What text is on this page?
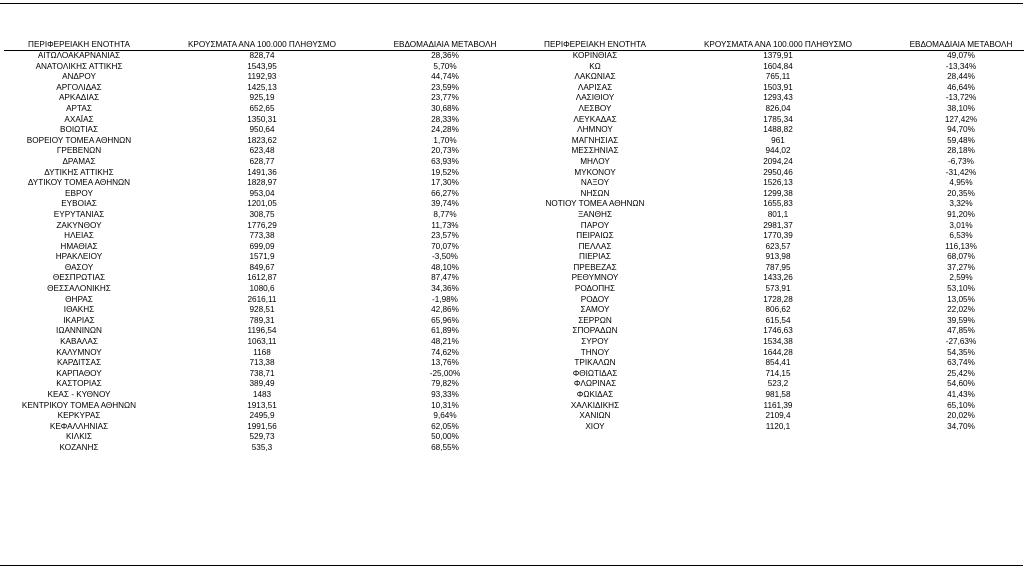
ΠΕΡΙΦΕΡΕΙΑΚΗ ΕΝΟΤΗΤΑ	ΚΡΟΥΣΜΑΤΑ ΑΝΑ 100.000 ΠΛΗΘΥΣΜΟ	ΕΒΔΟΜΑΔΙΑΙΑ ΜΕΤΑΒΟΛΗ
ΑΙΤΩΛΟΑΚΑΡΝΑΝΙΑΣ	828,74	28,36%
ΑΝΑΤΟΛΙΚΗΣ ΑΤΤΙΚΗΣ	1543,95	5,70%
ΑΝΔΡΟΥ	1192,93	44,74%
ΑΡΓΟΛΙΔΑΣ	1425,13	23,59%
ΑΡΚΑΔΙΑΣ	925,19	23,77%
ΑΡΤΑΣ	652,65	30,68%
ΑΧΑΪΑΣ	1350,31	28,33%
ΒΟΙΩΤΙΑΣ	950,64	24,28%
ΒΟΡΕΙΟΥ ΤΟΜΕΑ ΑΘΗΝΩΝ	1823,62	1,70%
ΓΡΕΒΕΝΩΝ	623,48	20,73%
ΔΡΑΜΑΣ	628,77	63,93%
ΔΥΤΙΚΗΣ ΑΤΤΙΚΗΣ	1491,36	19,52%
ΔΥΤΙΚΟΥ ΤΟΜΕΑ ΑΘΗΝΩΝ	1828,97	17,30%
ΕΒΡΟΥ	953,04	66,27%
ΕΥΒΟΙΑΣ	1201,05	39,74%
ΕΥΡΥΤΑΝΙΑΣ	308,75	8,77%
ΖΑΚΥΝΘΟΥ	1776,29	11,73%
ΗΛΕΙΑΣ	773,38	23,57%
ΗΜΑΘΙΑΣ	699,09	70,07%
ΗΡΑΚΛΕΙΟΥ	1571,9	-3,50%
ΘΑΣΟΥ	849,67	48,10%
ΘΕΣΠΡΩΤΙΑΣ	1612,87	87,47%
ΘΕΣΣΑΛΟΝΙΚΗΣ	1080,6	34,36%
ΘΗΡΑΣ	2616,11	-1,98%
ΙΘΑΚΗΣ	928,51	42,86%
ΙΚΑΡΙΑΣ	789,31	65,96%
ΙΩΑΝΝΙΝΩΝ	1196,54	61,89%
ΚΑΒΑΛΑΣ	1063,11	48,21%
ΚΑΛΥΜΝΟΥ	1168	74,62%
ΚΑΡΔΙΤΣΑΣ	713,38	13,76%
ΚΑΡΠΑΘΟΥ	738,71	-25,00%
ΚΑΣΤΟΡΙΑΣ	389,49	79,82%
ΚΕΑΣ - ΚΥΘΝΟΥ	1483	93,33%
ΚΕΝΤΡΙΚΟΥ ΤΟΜΕΑ ΑΘΗΝΩΝ	1913,51	10,31%
ΚΕΡΚΥΡΑΣ	2495,9	9,64%
ΚΕΦΑΛΛΗΝΙΑΣ	1991,56	62,05%
ΚΙΛΚΙΣ	529,73	50,00%
ΚΟΖΑΝΗΣ	535,3	68,55%
ΠΕΡΙΦΕΡΕΙΑΚΗ ΕΝΟΤΗΤΑ	ΚΡΟΥΣΜΑΤΑ ΑΝΑ 100.000 ΠΛΗΘΥΣΜΟ	ΕΒΔΟΜΑΔΙΑΙΑ ΜΕΤΑΒΟΛΗ
ΚΟΡΙΝΘΙΑΣ	1379,91	49,07%
ΚΩ	1604,84	-13,34%
ΛΑΚΩΝΙΑΣ	765,11	28,44%
ΛΑΡΙΣΑΣ	1503,91	46,64%
ΛΑΣΙΘΙΟΥ	1293,43	-13,72%
ΛΕΣΒΟΥ	826,04	38,10%
ΛΕΥΚΑΔΑΣ	1785,34	127,42%
ΛΗΜΝΟΥ	1488,82	94,70%
ΜΑΓΝΗΣΙΑΣ	961	59,48%
ΜΕΣΣΗΝΙΑΣ	944,02	28,18%
ΜΗΛΟΥ	2094,24	-6,73%
ΜΥΚΟΝΟΥ	2950,46	-31,42%
ΝΑΞΟΥ	1526,13	4,95%
ΝΗΣΩΝ	1299,38	20,35%
ΝΟΤΙΟΥ ΤΟΜΕΑ ΑΘΗΝΩΝ	1655,83	3,32%
ΞΑΝΘΗΣ	801,1	91,20%
ΠΑΡΟΥ	2981,37	3,01%
ΠΕΙΡΑΙΩΣ	1770,39	6,53%
ΠΕΛΛΑΣ	623,57	116,13%
ΠΙΕΡΙΑΣ	913,98	68,07%
ΠΡΕΒΕΖΑΣ	787,95	37,27%
ΡΕΘΥΜΝΟΥ	1433,26	2,59%
ΡΟΔΟΠΗΣ	573,91	53,10%
ΡΟΔΟΥ	1728,28	13,05%
ΣΑΜΟΥ	806,62	22,02%
ΣΕΡΡΩΝ	615,54	39,59%
ΣΠΟΡΑΔΩΝ	1746,63	47,85%
ΣΥΡΟΥ	1534,38	-27,63%
ΤΗΝΟΥ	1644,28	54,35%
ΤΡΙΚΑΛΩΝ	854,41	63,74%
ΦΘΙΩΤΙΔΑΣ	714,15	25,42%
ΦΛΩΡΙΝΑΣ	523,2	54,60%
ΦΩΚΙΔΑΣ	981,58	41,43%
ΧΑΛΚΙΔΙΚΗΣ	1161,39	65,10%
ΧΑΝΙΩΝ	2109,4	20,02%
ΧΙΟΥ	1120,1	34,70%
